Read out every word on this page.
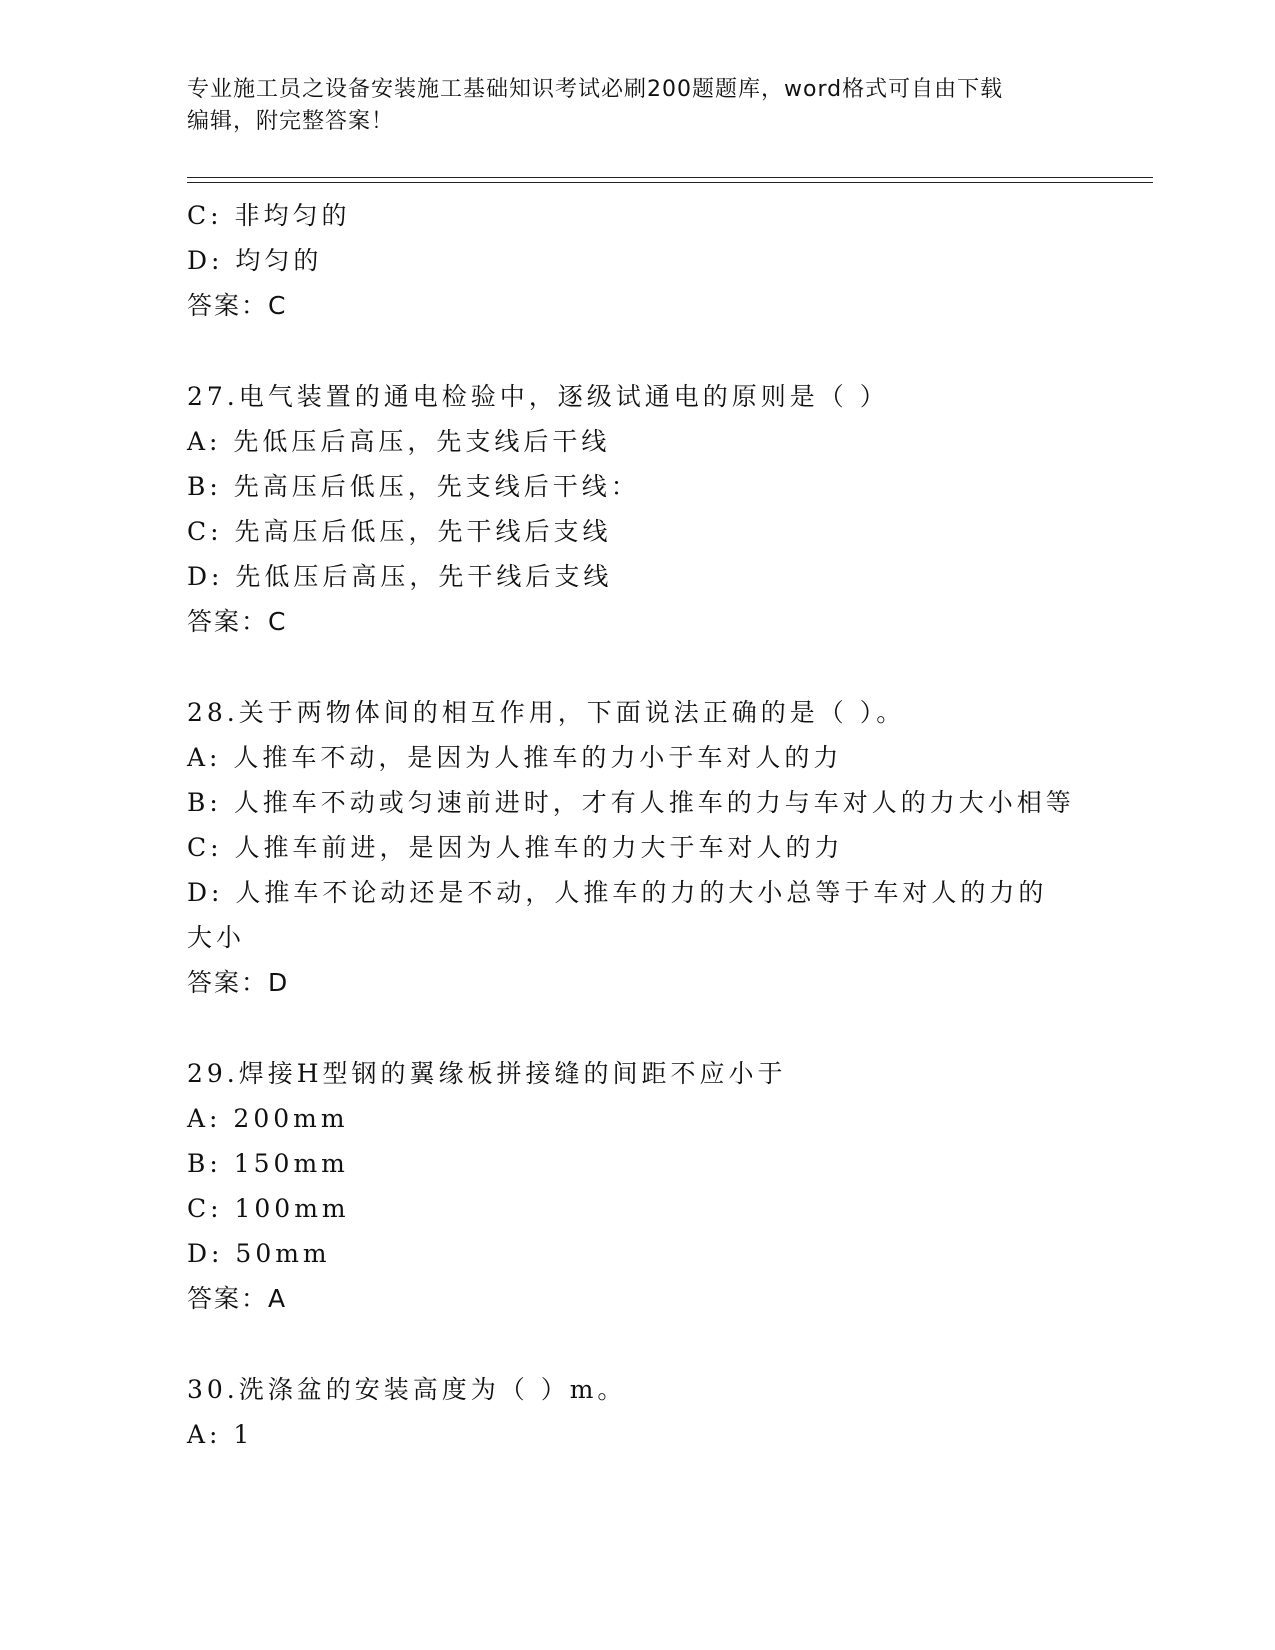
专业施工员之设备安装施工基础知识考试必刷200题题库，word格式可自由下载
编辑，附完整答案！
C: 非均匀的
D: 均匀的
答案：C
27.电气装置的通电检验中，逐级试通电的原则是（ ）
A: 先低压后高压，先支线后干线
B: 先高压后低压，先支线后干线：
C: 先高压后低压，先干线后支线
D: 先低压后高压，先干线后支线
答案：C
28.关于两物体间的相互作用，下面说法正确的是（ ）。
A: 人推车不动，是因为人推车的力小于车对人的力
B: 人推车不动或匀速前进时，才有人推车的力与车对人的力大小相等
C: 人推车前进，是因为人推车的力大于车对人的力
D: 人推车不论动还是不动，人推车的力的大小总等于车对人的力的大小
答案：D
29.焊接H型钢的翼缘板拼接缝的间距不应小于
A: 200mm
B: 150mm
C: 100mm
D: 50mm
答案：A
30.洗涤盆的安装高度为（ ）m。
A: 1
